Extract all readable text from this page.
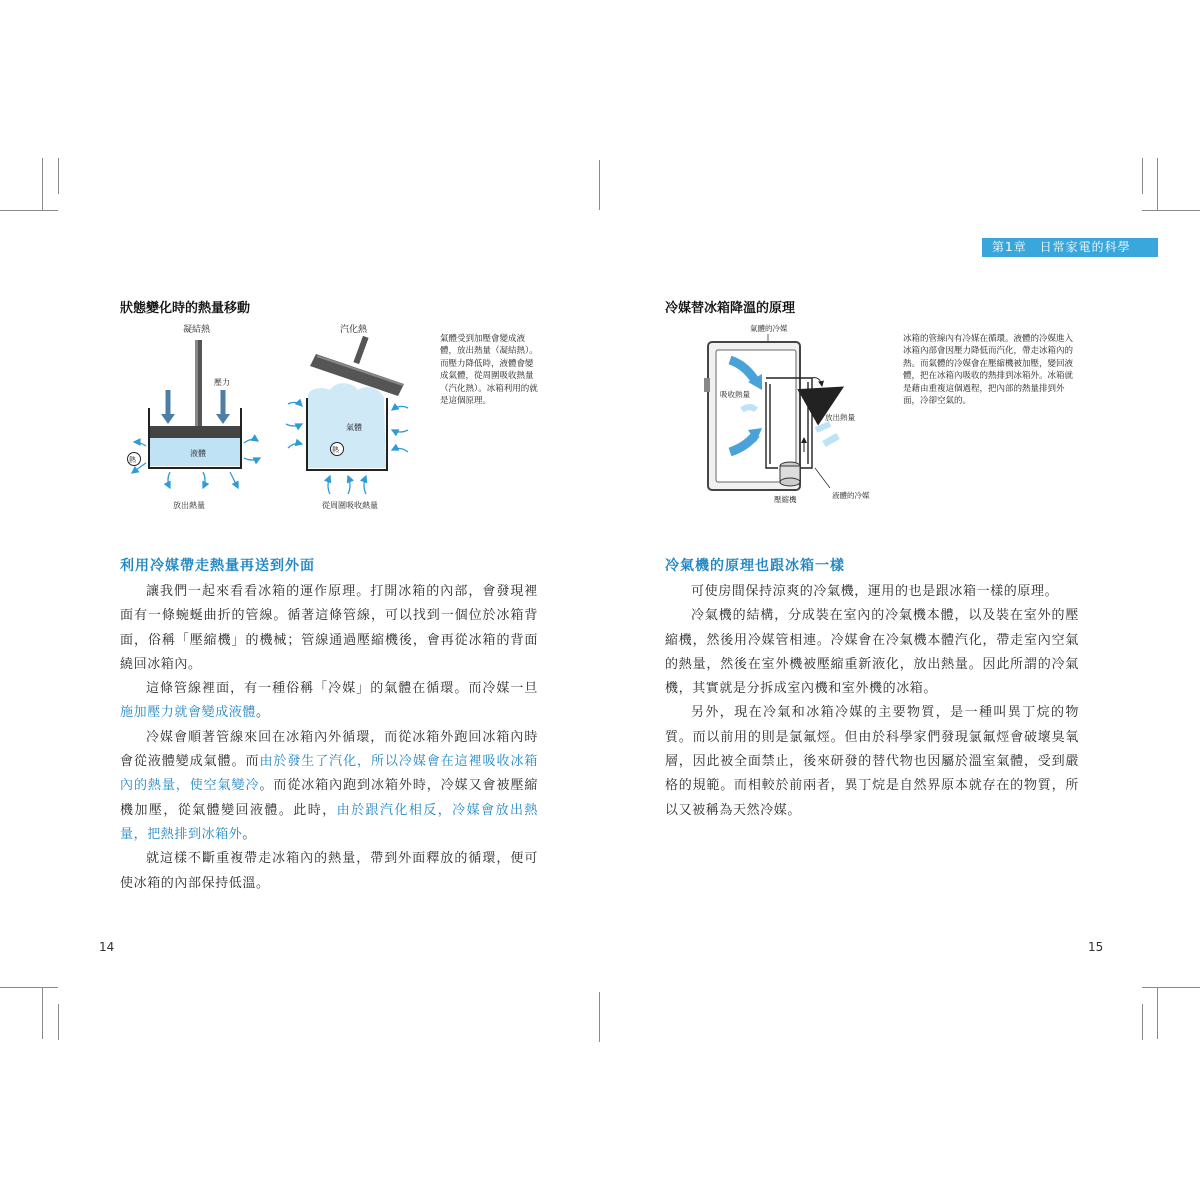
第1章　日常家電的科學
狀態變化時的熱量移動
凝結熱
壓力
液體
熱
放出熱量
汽化熱
氣體
熱
從周圍吸收熱量
氣體受到加壓會變成液體，放出熱量（凝結熱）。而壓力降低時，液體會變成氣體，從周圍吸收熱量（汽化熱）。冰箱利用的就是這個原理。
利用冷媒帶走熱量再送到外面

讓我們一起來看看冰箱的運作原理。打開冰箱的內部，會發現裡面有一條蜿蜒曲折的管線。循著這條管線，可以找到一個位於冰箱背面，俗稱「壓縮機」的機械；管線通過壓縮機後，會再從冰箱的背面繞回冰箱內。

這條管線裡面，有一種俗稱「冷媒」的氣體在循環。而冷媒一旦施加壓力就會變成液體。

冷媒會順著管線來回在冰箱內外循環，而從冰箱外跑回冰箱內時會從液體變成氣體。而由於發生了汽化，所以冷媒會在這裡吸收冰箱內的熱量，使空氣變冷。而從冰箱內跑到冰箱外時，冷媒又會被壓縮機加壓，從氣體變回液體。此時，由於跟汽化相反，冷媒會放出熱量，把熱排到冰箱外。

就這樣不斷重複帶走冰箱內的熱量，帶到外面釋放的循環，便可使冰箱的內部保持低溫。

14
冷媒替冰箱降溫的原理
氣體的冷媒
吸收熱量
放出熱量
壓縮機	液體的冷媒
冰箱的管線內有冷媒在循環。液體的冷媒進入冰箱內部會因壓力降低而汽化，帶走冰箱內的熱。而氣體的冷媒會在壓縮機被加壓，變回液體，把在冰箱內吸收的熱排到冰箱外。冰箱就是藉由重複這個過程，把內部的熱量排到外面，冷卻空氣的。
冷氣機的原理也跟冰箱一樣

可使房間保持涼爽的冷氣機，運用的也是跟冰箱一樣的原理。

冷氣機的結構，分成裝在室內的冷氣機本體，以及裝在室外的壓縮機，然後用冷媒管相連。冷媒會在冷氣機本體汽化，帶走室內空氣的熱量，然後在室外機被壓縮重新液化，放出熱量。因此所謂的冷氣機，其實就是分拆成室內機和室外機的冰箱。

另外，現在冷氣和冰箱冷媒的主要物質，是一種叫異丁烷的物質。而以前用的則是氯氟烴。但由於科學家們發現氯氟烴會破壞臭氧層，因此被全面禁止，後來研發的替代物也因屬於溫室氣體，受到嚴格的規範。而相較於前兩者，異丁烷是自然界原本就存在的物質，所以又被稱為天然冷媒。

15
